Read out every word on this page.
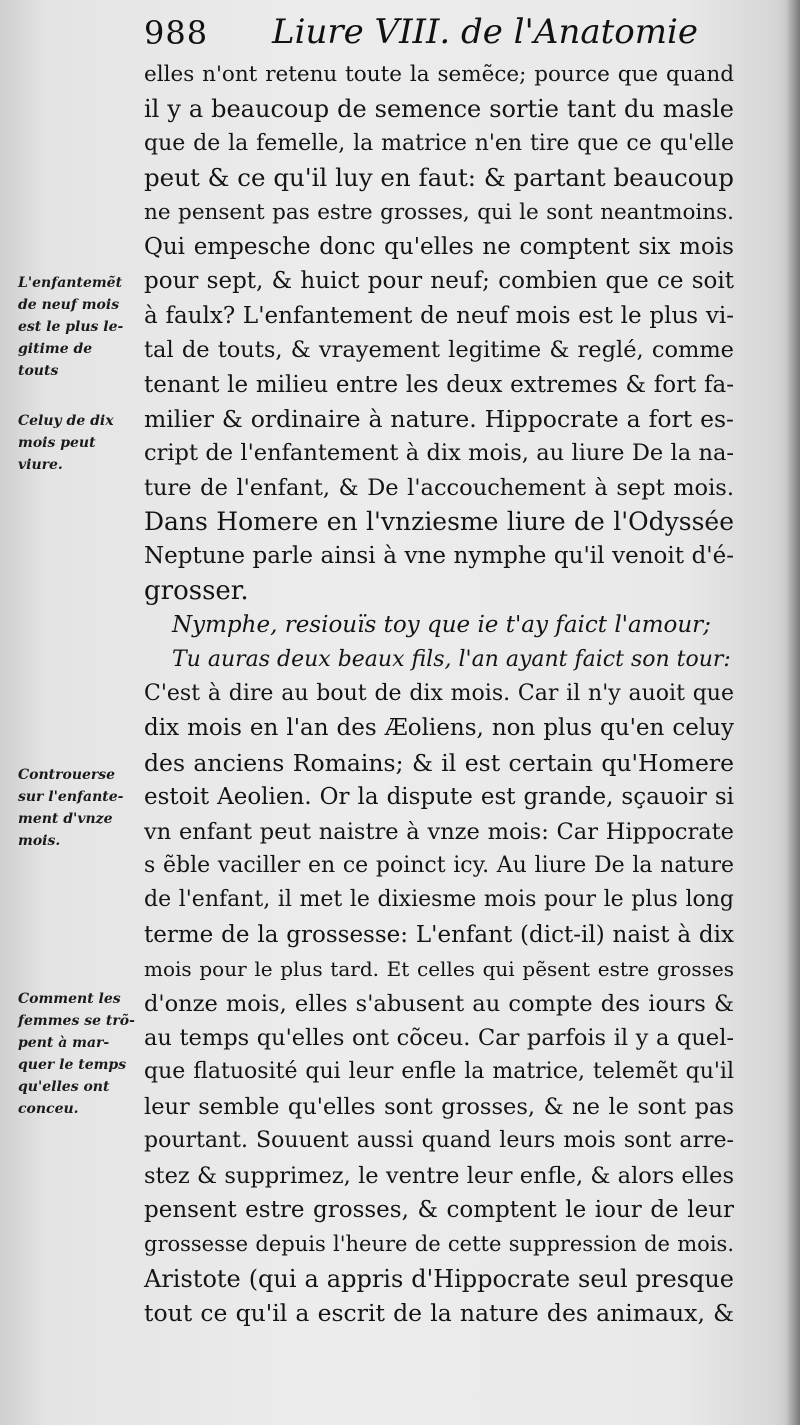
988 Liure VIII. de l'Anatomie
elles n'ont retenu toute la semẽce; pource que quand
il y a beaucoup de semence sortie tant du masle
que de la femelle, la matrice n'en tire que ce qu'elle
peut & ce qu'il luy en faut: & partant beaucoup
ne pensent pas estre grosses, qui le sont neantmoins.
Qui empesche donc qu'elles ne comptent six mois
pour sept, & huict pour neuf; combien que ce soit
à faulx? L'enfantement de neuf mois est le plus vi-
tal de touts, & vrayement legitime & reglé, comme
tenant le milieu entre les deux extremes & fort fa-
milier & ordinaire à nature. Hippocrate a fort es-
cript de l'enfantement à dix mois, au liure De la na-
ture de l'enfant, & De l'accouchement à sept mois.
Dans Homere en l'vnziesme liure de l'Odyssée
Neptune parle ainsi à vne nymphe qu'il venoit d'é-
grosser.
Nymphe, resiouïs toy que ie t'ay faict l'amour;
Tu auras deux beaux fils, l'an ayant faict son tour:
C'est à dire au bout de dix mois. Car il n'y auoit que
dix mois en l'an des Æoliens, non plus qu'en celuy
des anciens Romains; & il est certain qu'Homere
estoit Aeolien. Or la dispute est grande, sçauoir si
vn enfant peut naistre à vnze mois: Car Hippocrate
s ẽble vaciller en ce poinct icy. Au liure De la nature
de l'enfant, il met le dixiesme mois pour le plus long
terme de la grossesse: L'enfant (dict-il) naist à dix
mois pour le plus tard. Et celles qui pẽsent estre grosses
d'onze mois, elles s'abusent au compte des iours &
au temps qu'elles ont cõceu. Car parfois il y a quel-
que flatuosité qui leur enfle la matrice, telemẽt qu'il
leur semble qu'elles sont grosses, & ne le sont pas
pourtant. Souuent aussi quand leurs mois sont arre-
stez & supprimez, le ventre leur enfle, & alors elles
pensent estre grosses, & comptent le iour de leur
grossesse depuis l'heure de cette suppression de mois.
Aristote (qui a appris d'Hippocrate seul presque
tout ce qu'il a escrit de la nature des animaux, &
L'enfantemẽt
de neuf mois
est le plus le-
gitime de
touts
Celuy de dix
mois peut
viure.
Controuerse
sur l'enfante-
ment d'vnze
mois.
Comment les
femmes se trõ-
pent à mar-
quer le temps
qu'elles ont
conceu.
